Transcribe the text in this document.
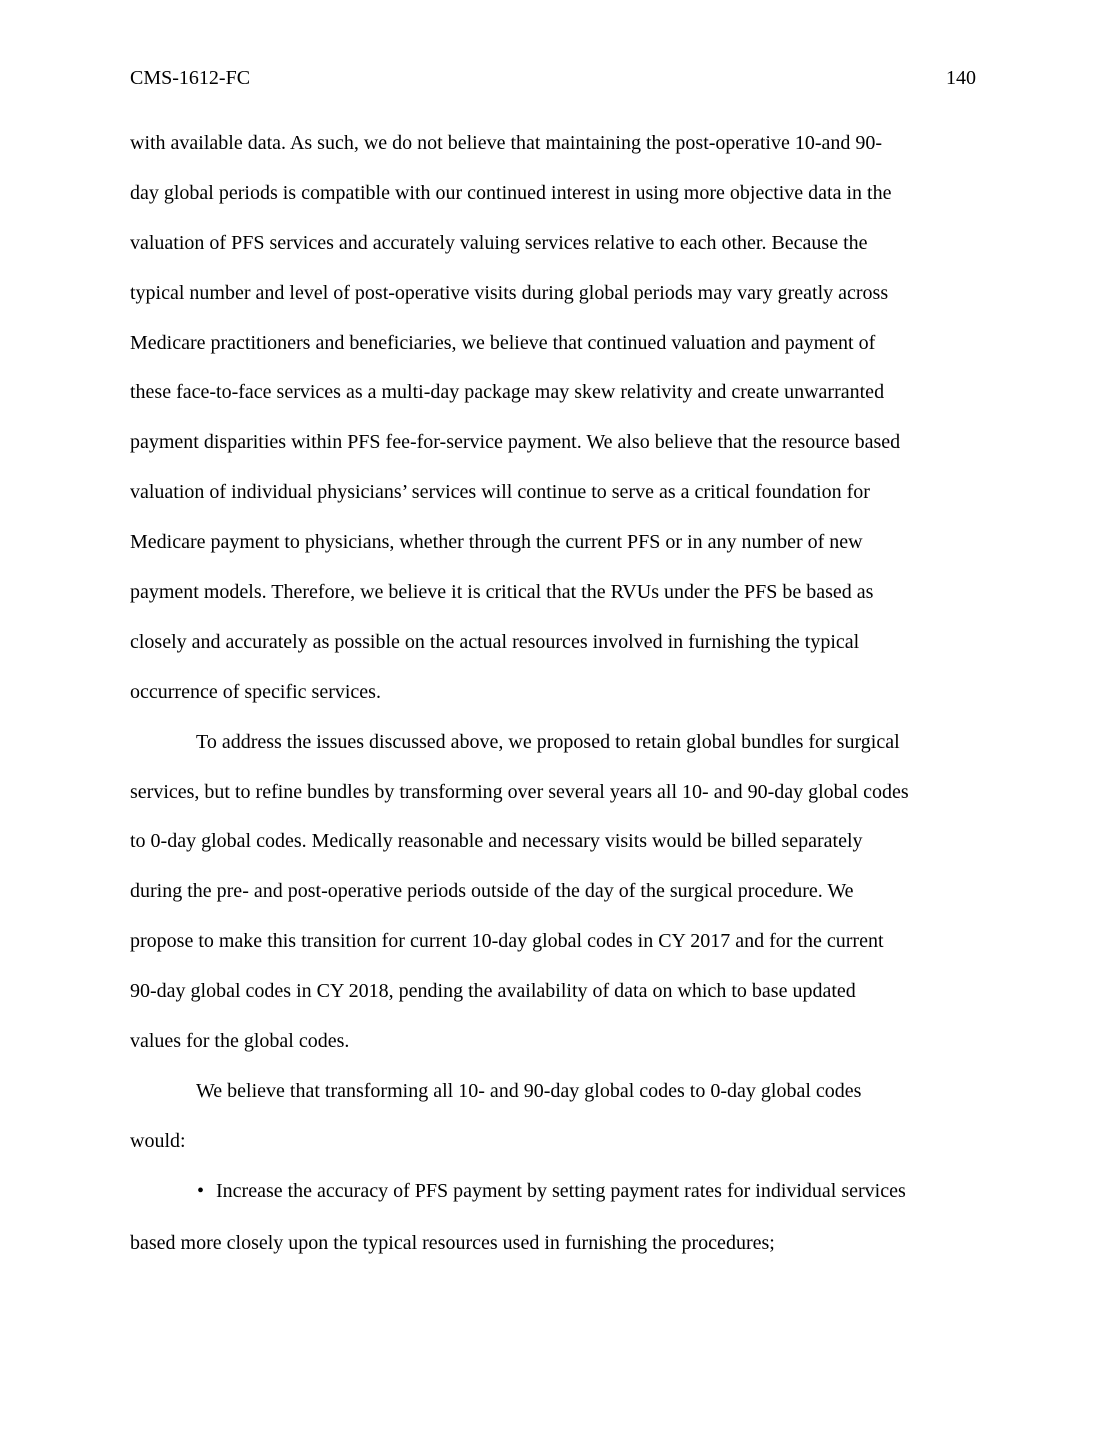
CMS-1612-FC	140
with available data. As such, we do not believe that maintaining the post-operative 10-and 90-
day global periods is compatible with our continued interest in using more objective data in the
valuation of PFS services and accurately valuing services relative to each other. Because the
typical number and level of post-operative visits during global periods may vary greatly across
Medicare practitioners and beneficiaries, we believe that continued valuation and payment of
these face-to-face services as a multi-day package may skew relativity and create unwarranted
payment disparities within PFS fee-for-service payment. We also believe that the resource based
valuation of individual physicians’ services will continue to serve as a critical foundation for
Medicare payment to physicians, whether through the current PFS or in any number of new
payment models. Therefore, we believe it is critical that the RVUs under the PFS be based as
closely and accurately as possible on the actual resources involved in furnishing the typical
occurrence of specific services.
To address the issues discussed above, we proposed to retain global bundles for surgical
services, but to refine bundles by transforming over several years all 10- and 90-day global codes
to 0-day global codes. Medically reasonable and necessary visits would be billed separately
during the pre- and post-operative periods outside of the day of the surgical procedure. We
propose to make this transition for current 10-day global codes in CY 2017 and for the current
90-day global codes in CY 2018, pending the availability of data on which to base updated
values for the global codes.
We believe that transforming all 10- and 90-day global codes to 0-day global codes
would:
• Increase the accuracy of PFS payment by setting payment rates for individual services
based more closely upon the typical resources used in furnishing the procedures;
